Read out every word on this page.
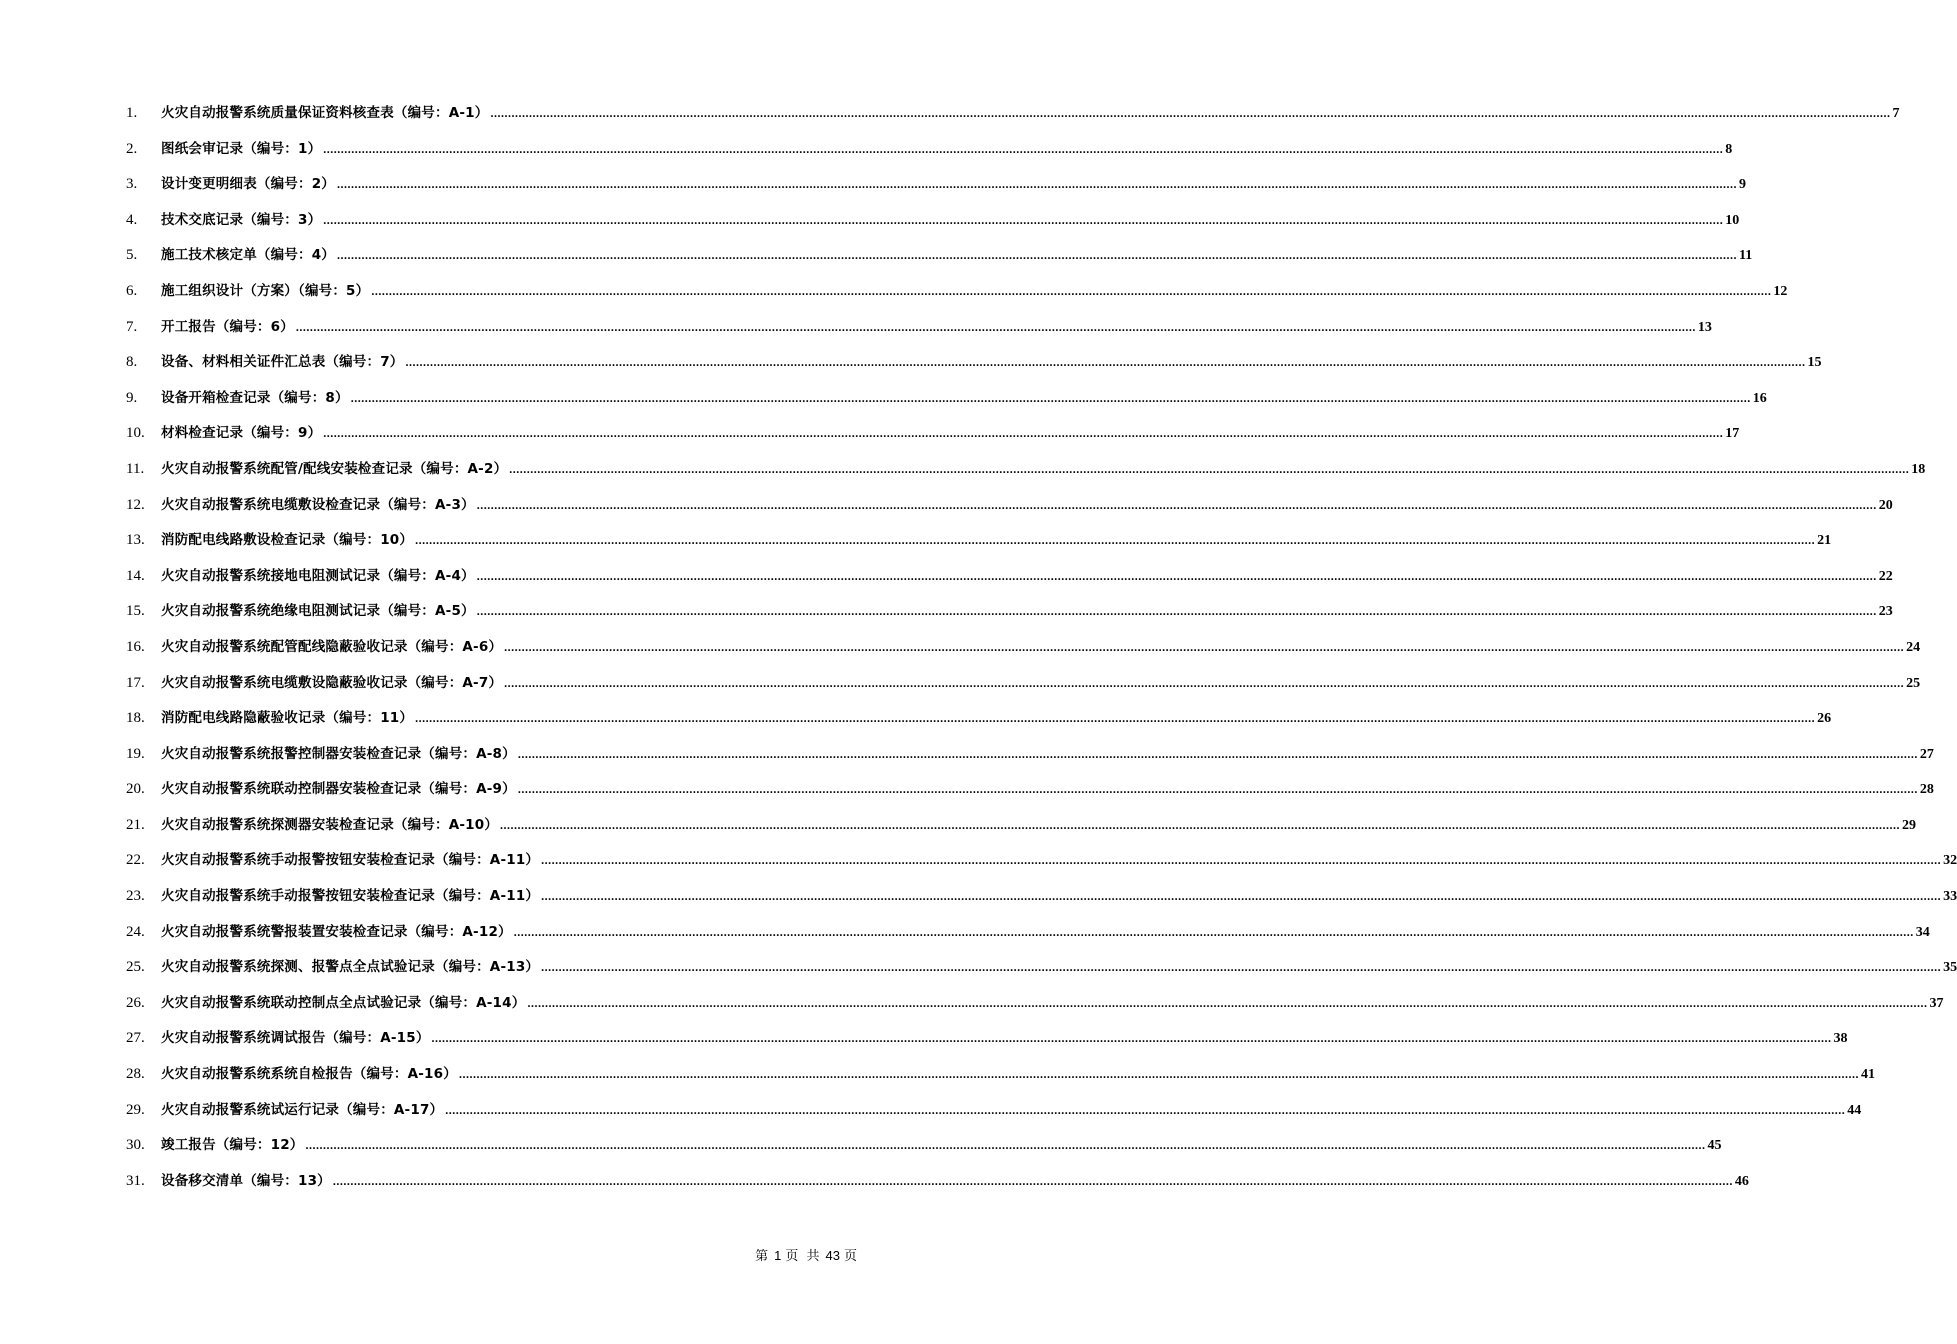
1.	火灾自动报警系统质量保证资料核查表（编号：A-1） ................................................................................................................................................................................................................................................................................................................................................................................................................ 7
2.	图纸会审记录（编号：1） ................................................................................................................................................................................................................................................................................................................................................................................................................ 8
3.	设计变更明细表（编号：2） ................................................................................................................................................................................................................................................................................................................................................................................................................ 9
4.	技术交底记录（编号：3） ................................................................................................................................................................................................................................................................................................................................................................................................................ 10
5.	施工技术核定单（编号：4） ................................................................................................................................................................................................................................................................................................................................................................................................................ 11
6.	施工组织设计（方案）（编号：5） ................................................................................................................................................................................................................................................................................................................................................................................................................ 12
7.	开工报告（编号：6） ................................................................................................................................................................................................................................................................................................................................................................................................................ 13
8.	设备、材料相关证件汇总表（编号：7） ................................................................................................................................................................................................................................................................................................................................................................................................................ 15
9.	设备开箱检查记录（编号：8） ................................................................................................................................................................................................................................................................................................................................................................................................................ 16
10.	材料检查记录（编号：9） ................................................................................................................................................................................................................................................................................................................................................................................................................ 17
11.	火灾自动报警系统配管/配线安装检查记录（编号：A-2） ................................................................................................................................................................................................................................................................................................................................................................................................................ 18
12.	火灾自动报警系统电缆敷设检查记录（编号：A-3） ................................................................................................................................................................................................................................................................................................................................................................................................................ 20
13.	消防配电线路敷设检查记录（编号：10） ................................................................................................................................................................................................................................................................................................................................................................................................................ 21
14.	火灾自动报警系统接地电阻测试记录（编号：A-4） ................................................................................................................................................................................................................................................................................................................................................................................................................ 22
15.	火灾自动报警系统绝缘电阻测试记录（编号：A-5） ................................................................................................................................................................................................................................................................................................................................................................................................................ 23
16.	火灾自动报警系统配管配线隐蔽验收记录（编号：A-6） ................................................................................................................................................................................................................................................................................................................................................................................................................ 24
17.	火灾自动报警系统电缆敷设隐蔽验收记录（编号：A-7） ................................................................................................................................................................................................................................................................................................................................................................................................................ 25
18.	消防配电线路隐蔽验收记录（编号：11） ................................................................................................................................................................................................................................................................................................................................................................................................................ 26
19.	火灾自动报警系统报警控制器安装检查记录（编号：A-8） ................................................................................................................................................................................................................................................................................................................................................................................................................ 27
20.	火灾自动报警系统联动控制器安装检查记录（编号：A-9） ................................................................................................................................................................................................................................................................................................................................................................................................................ 28
21.	火灾自动报警系统探测器安装检查记录（编号：A-10） ................................................................................................................................................................................................................................................................................................................................................................................................................ 29
22.	火灾自动报警系统手动报警按钮安装检查记录（编号：A-11） ................................................................................................................................................................................................................................................................................................................................................................................................................ 32
23.	火灾自动报警系统手动报警按钮安装检查记录（编号：A-11） ................................................................................................................................................................................................................................................................................................................................................................................................................ 33
24.	火灾自动报警系统警报装置安装检查记录（编号：A-12） ................................................................................................................................................................................................................................................................................................................................................................................................................ 34
25.	火灾自动报警系统探测、报警点全点试验记录（编号：A-13） ................................................................................................................................................................................................................................................................................................................................................................................................................ 35
26.	火灾自动报警系统联动控制点全点试验记录（编号：A-14） ................................................................................................................................................................................................................................................................................................................................................................................................................ 37
27.	火灾自动报警系统调试报告（编号：A-15） ................................................................................................................................................................................................................................................................................................................................................................................................................ 38
28.	火灾自动报警系统系统自检报告（编号：A-16） ................................................................................................................................................................................................................................................................................................................................................................................................................ 41
29.	火灾自动报警系统试运行记录（编号：A-17） ................................................................................................................................................................................................................................................................................................................................................................................................................ 44
30.	竣工报告（编号：12） ................................................................................................................................................................................................................................................................................................................................................................................................................ 45
31.	设备移交清单（编号：13） ................................................................................................................................................................................................................................................................................................................................................................................................................ 46
第 1 页 共 43 页
